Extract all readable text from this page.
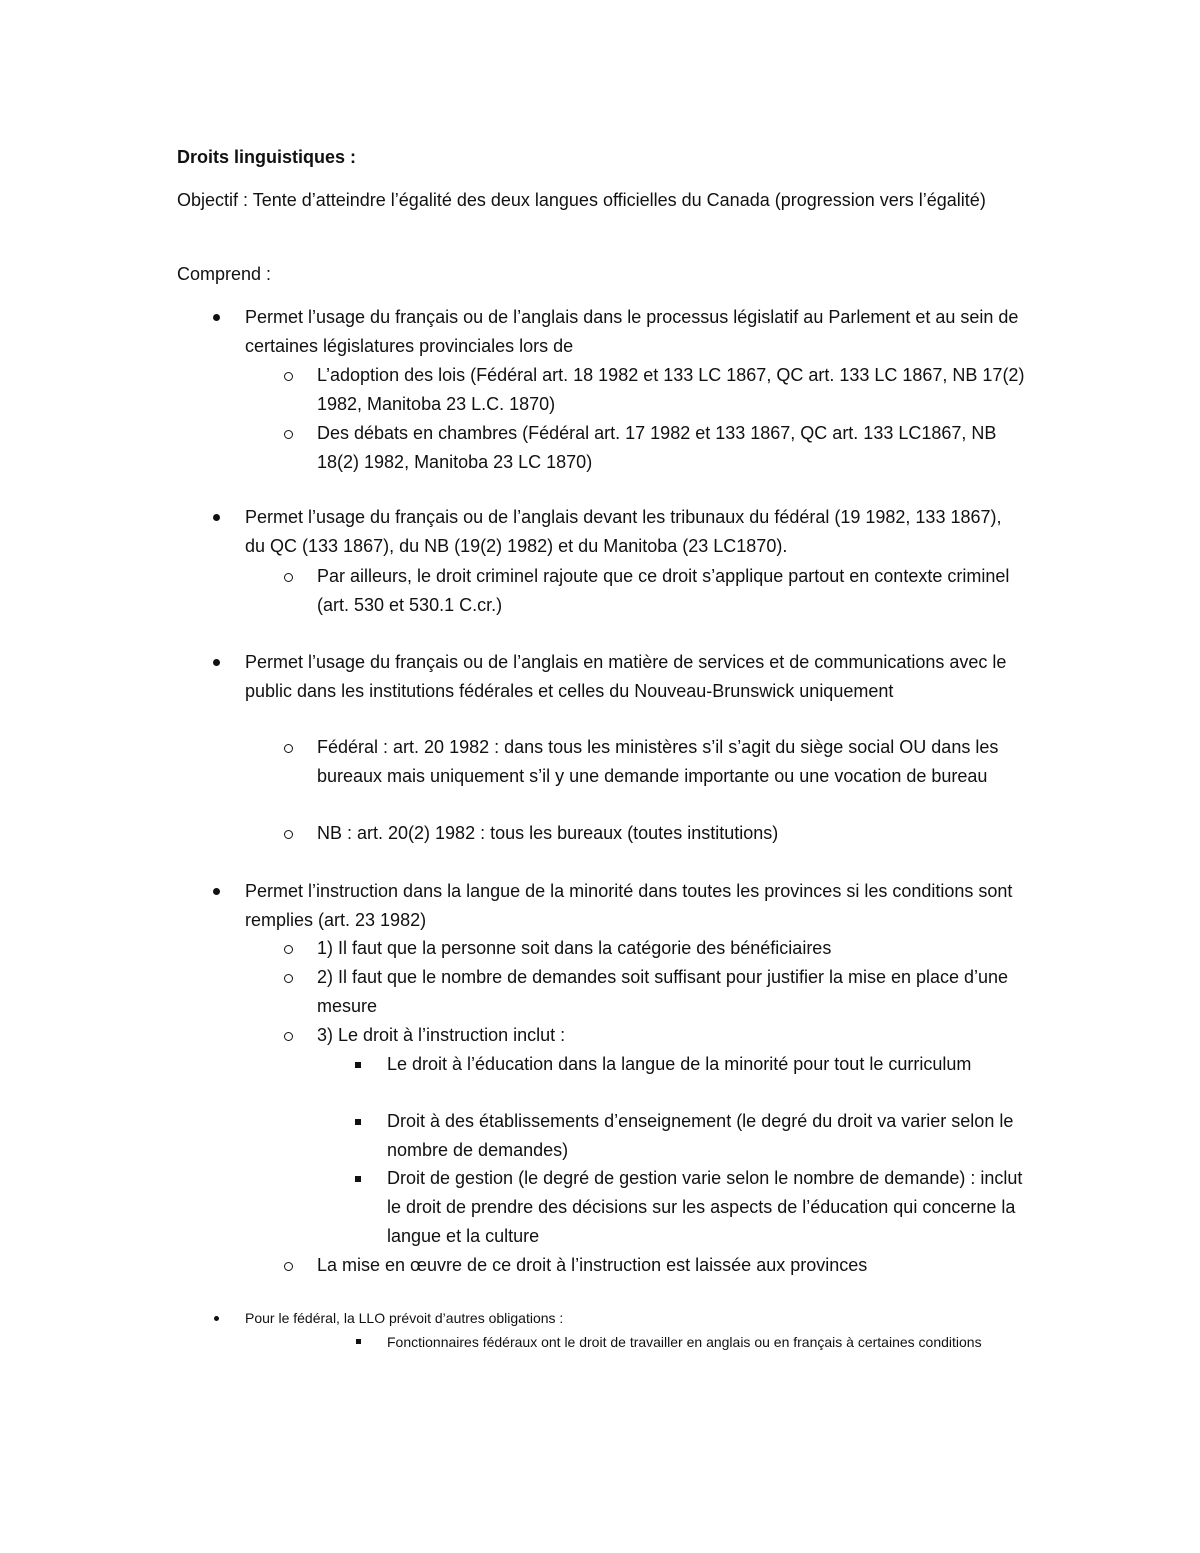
Droits linguistiques :
Objectif : Tente d’atteindre l’égalité des deux langues officielles du Canada (progression vers l’égalité)
Comprend :
Permet l’usage du français ou de l’anglais dans le processus législatif au Parlement et au sein de certaines législatures provinciales lors de
L’adoption des lois (Fédéral art. 18 1982 et 133 LC 1867, QC art. 133 LC 1867, NB 17(2) 1982, Manitoba 23 L.C. 1870)
Des débats en chambres (Fédéral art. 17 1982 et 133 1867, QC art. 133 LC1867, NB 18(2) 1982, Manitoba 23 LC 1870)
Permet l’usage du français ou de l’anglais devant les tribunaux du fédéral (19 1982, 133 1867), du QC (133 1867), du NB (19(2) 1982) et du Manitoba (23 LC1870).
Par ailleurs, le droit criminel rajoute que ce droit s’applique partout en contexte criminel (art. 530 et 530.1 C.cr.)
Permet l’usage du français ou de l’anglais en matière de services et de communications avec le public dans les institutions fédérales et celles du Nouveau-Brunswick uniquement
Fédéral : art. 20 1982 : dans tous les ministères s’il s’agit du siège social OU dans les bureaux mais uniquement s’il y une demande importante ou une vocation de bureau
NB : art. 20(2) 1982 : tous les bureaux (toutes institutions)
Permet l’instruction dans la langue de la minorité dans toutes les provinces si les conditions sont remplies (art. 23 1982)
1) Il faut que la personne soit dans la catégorie des bénéficiaires
2) Il faut que le nombre de demandes soit suffisant pour justifier la mise en place d’une mesure
3) Le droit à l’instruction inclut :
Le droit à l’éducation dans la langue de la minorité pour tout le curriculum
Droit à des établissements d’enseignement (le degré du droit va varier selon le nombre de demandes)
Droit de gestion (le degré de gestion varie selon le nombre de demande) : inclut le droit de prendre des décisions sur les aspects de l’éducation qui concerne la langue et la culture
La mise en œuvre de ce droit à l’instruction est laissée aux provinces
Pour le fédéral, la LLO prévoit d’autres obligations :
Fonctionnaires fédéraux ont le droit de travailler en anglais ou en français à certaines conditions
